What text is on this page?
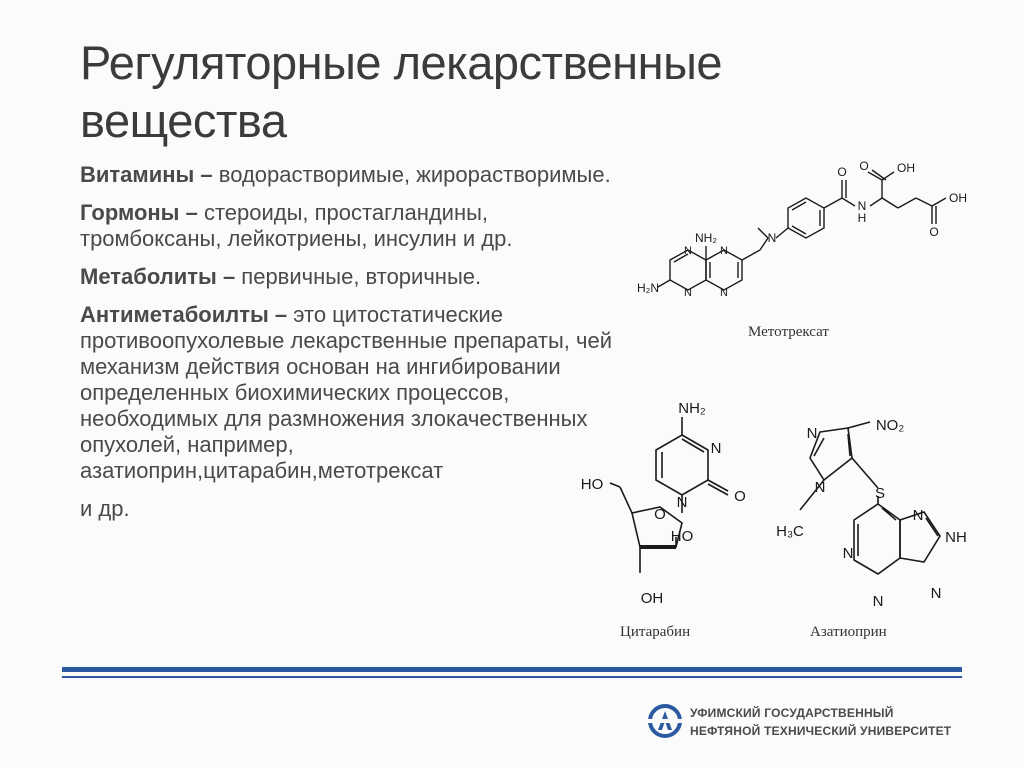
Регуляторные лекарственные вещества

Витамины – водорастворимые, жирорастворимые.

Гормоны – стероиды, простагландины, тромбоксаны, лейкотриены, инсулин и др.

Метаболиты – первичные, вторичные.

Антиметабоилты – это цитостатические противоопухолевые лекарственные препараты, чей механизм действия основан на ингибировании определенных биохимических процессов, необходимых для размножения злокачественных опухолей, например, азатиоприн,цитарабин,метотрексат

и др.

N
H
O O OH
O
OH
N
NH₂
H₂N
N
N
N
N
Метотрексат
NH₂
N
N	O
HO
O
HO
OH
Цитарабин
N	NO₂
N
H₃C
S
NH
N
N
N
N
Азатиоприн
УФИМСКИЙ ГОСУДАРСТВЕННЫЙ
НЕФТЯНОЙ ТЕХНИЧЕСКИЙ УНИВЕРСИТЕТ
